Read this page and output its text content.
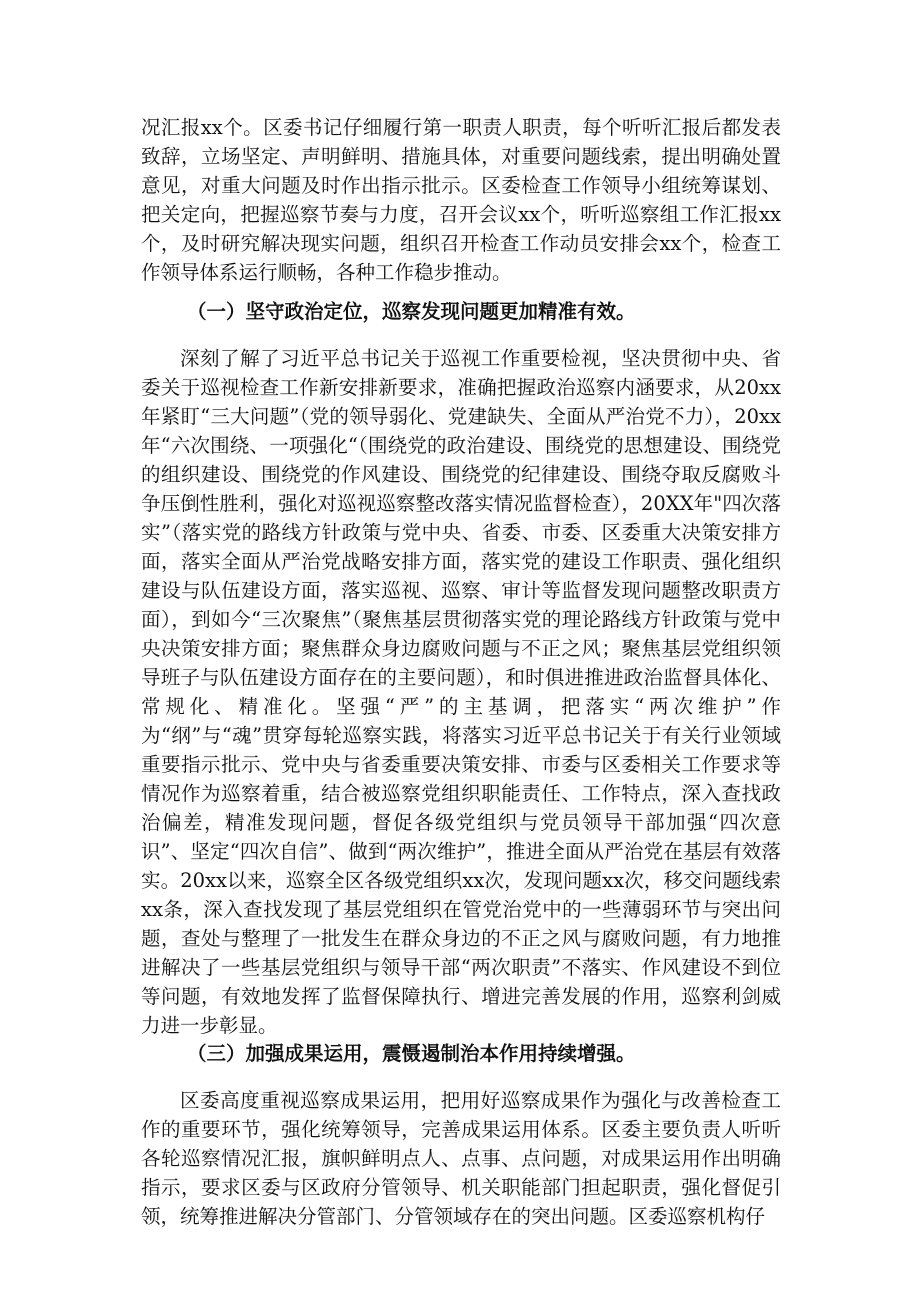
况汇报xx个。区委书记仔细履行第一职责人职责，每个听听汇报后都发表致辞，立场坚定、声明鲜明、措施具体，对重要问题线索，提出明确处置意见，对重大问题及时作出指示批示。区委检查工作领导小组统筹谋划、把关定向，把握巡察节奏与力度，召开会议xx个，听听巡察组工作汇报xx个，及时研究解决现实问题，组织召开检查工作动员安排会xx个，检查工作领导体系运行顺畅，各种工作稳步推动。

（一）坚守政治定位，巡察发现问题更加精准有效。

深刻了解了习近平总书记关于巡视工作重要检视，坚决贯彻中央、省委关于巡视检查工作新安排新要求，准确把握政治巡察内涵要求，从20xx年紧盯“三大问题”（党的领导弱化、党建缺失、全面从严治党不力），20xx年“六次围绕、一项强化“（围绕党的政治建设、围绕党的思想建设、围绕党的组织建设、围绕党的作风建设、围绕党的纪律建设、围绕夺取反腐败斗争压倒性胜利，强化对巡视巡察整改落实情况监督检查），20XX年"四次落实”（落实党的路线方针政策与党中央、省委、市委、区委重大决策安排方面，落实全面从严治党战略安排方面，落实党的建设工作职责、强化组织建设与队伍建设方面，落实巡视、巡察、审计等监督发现问题整改职责方面），到如今“三次聚焦”（聚焦基层贯彻落实党的理论路线方针政策与党中央决策安排方面；聚焦群众身边腐败问题与不正之风；聚焦基层党组织领导班子与队伍建设方面存在的主要问题），和时俱进推进政治监督具体化、常规化、精准化。坚强“严”的主基调，把落实“两次维护”作为“纲”与“魂”贯穿每轮巡察实践，将落实习近平总书记关于有关行业领域重要指示批示、党中央与省委重要决策安排、市委与区委相关工作要求等情况作为巡察着重，结合被巡察党组织职能责任、工作特点，深入查找政治偏差，精准发现问题，督促各级党组织与党员领导干部加强“四次意识”、坚定“四次自信”、做到“两次维护”，推进全面从严治党在基层有效落实。20xx以来，巡察全区各级党组织xx次，发现问题xx次，移交问题线索xx条，深入查找发现了基层党组织在管党治党中的一些薄弱环节与突出问题，查处与整理了一批发生在群众身边的不正之风与腐败问题，有力地推进解决了一些基层党组织与领导干部“两次职责”不落实、作风建设不到位等问题，有效地发挥了监督保障执行、增进完善发展的作用，巡察利剑威力进一步彰显。

（三）加强成果运用，震慑遏制治本作用持续增强。

区委高度重视巡察成果运用，把用好巡察成果作为强化与改善检查工作的重要环节，强化统筹领导，完善成果运用体系。区委主要负责人听听各轮巡察情况汇报，旗帜鲜明点人、点事、点问题，对成果运用作出明确指示，要求区委与区政府分管领导、机关职能部门担起职责，强化督促引领，统筹推进解决分管部门、分管领域存在的突出问题。区委巡察机构仔
